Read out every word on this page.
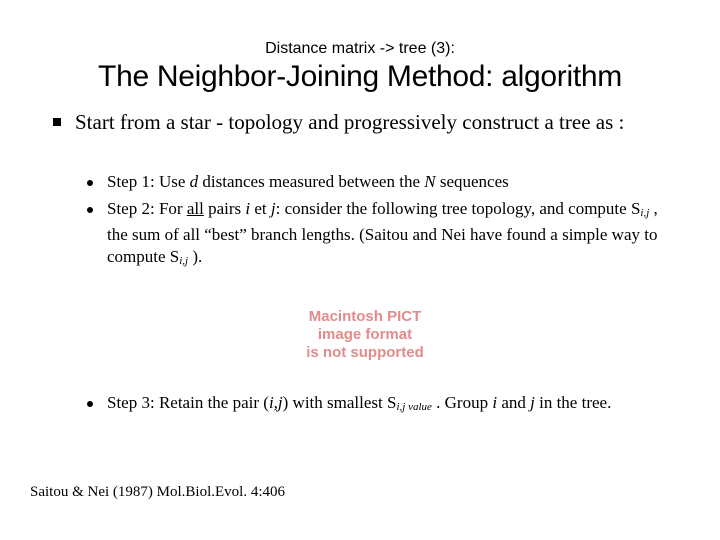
Distance matrix -> tree (3):
The Neighbor-Joining Method: algorithm
Start from a star - topology and progressively construct a tree as :
Step 1: Use d distances measured between the N sequences
Step 2: For all pairs i et j: consider the following tree topology, and compute $S_{i,j}$ , the sum of all “best” branch lengths. (Saitou and Nei have found a simple way to compute $S_{i,j}$ ).
Macintosh PICT
image format
is not supported
Step 3: Retain the pair (i,j) with smallest $S_{i,j value}$ . Group i and j in the tree.
Saitou & Nei (1987) Mol.Biol.Evol. 4:406
